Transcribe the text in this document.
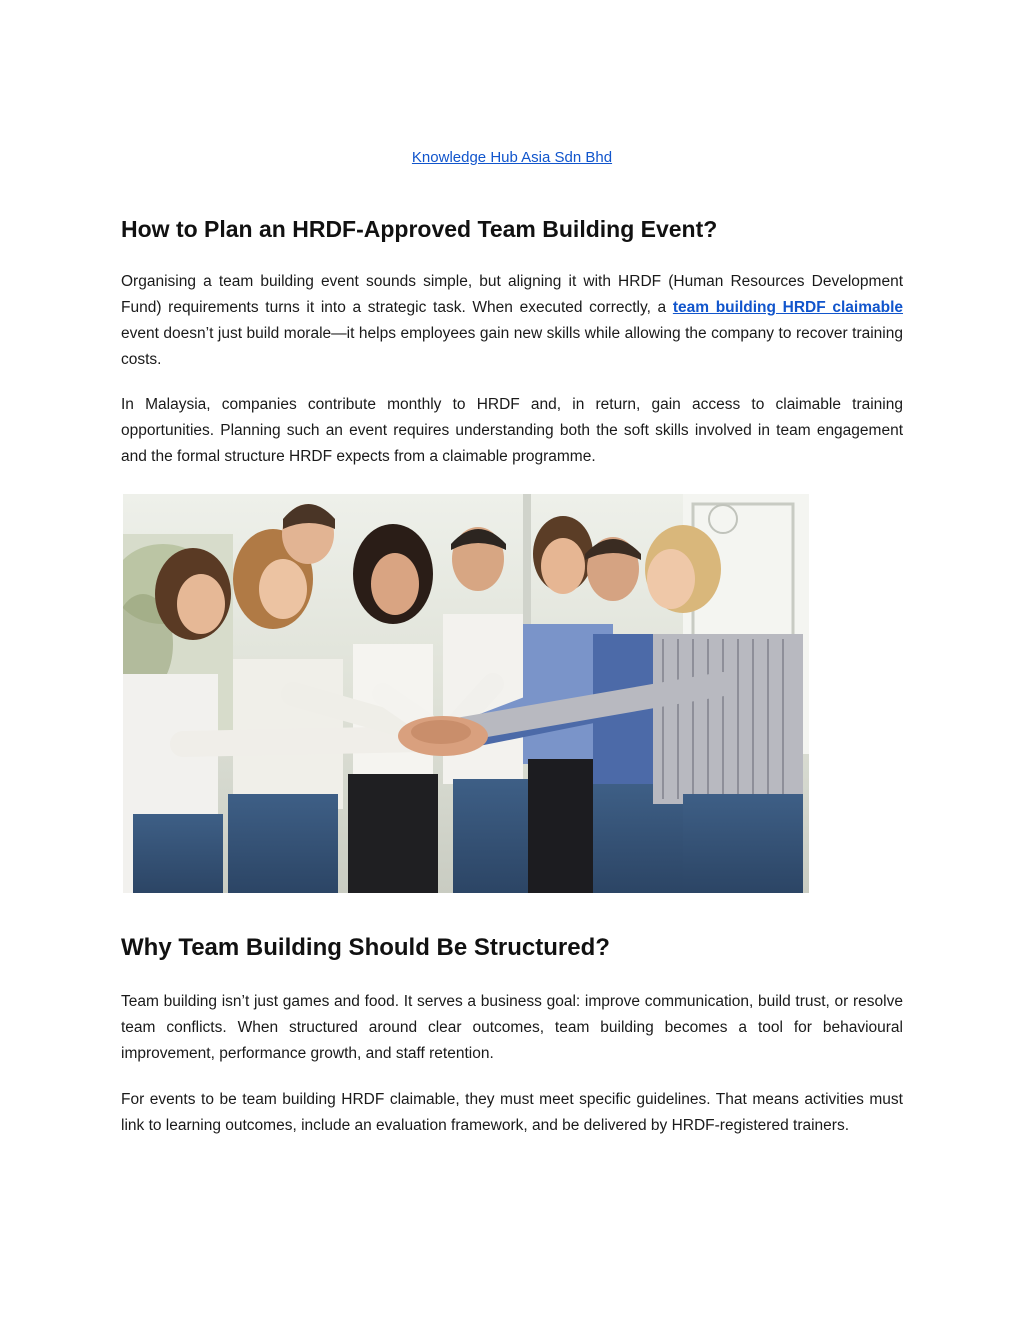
Knowledge Hub Asia Sdn Bhd
How to Plan an HRDF-Approved Team Building Event?

Organising a team building event sounds simple, but aligning it with HRDF (Human Resources Development Fund) requirements turns it into a strategic task. When executed correctly, a team building HRDF claimable event doesn’t just build morale—it helps employees gain new skills while allowing the company to recover training costs.

In Malaysia, companies contribute monthly to HRDF and, in return, gain access to claimable training opportunities. Planning such an event requires understanding both the soft skills involved in team engagement and the formal structure HRDF expects from a claimable programme.

Why Team Building Should Be Structured?

Team building isn’t just games and food. It serves a business goal: improve communication, build trust, or resolve team conflicts. When structured around clear outcomes, team building becomes a tool for behavioural improvement, performance growth, and staff retention.

For events to be team building HRDF claimable, they must meet specific guidelines. That means activities must link to learning outcomes, include an evaluation framework, and be delivered by HRDF-registered trainers.
